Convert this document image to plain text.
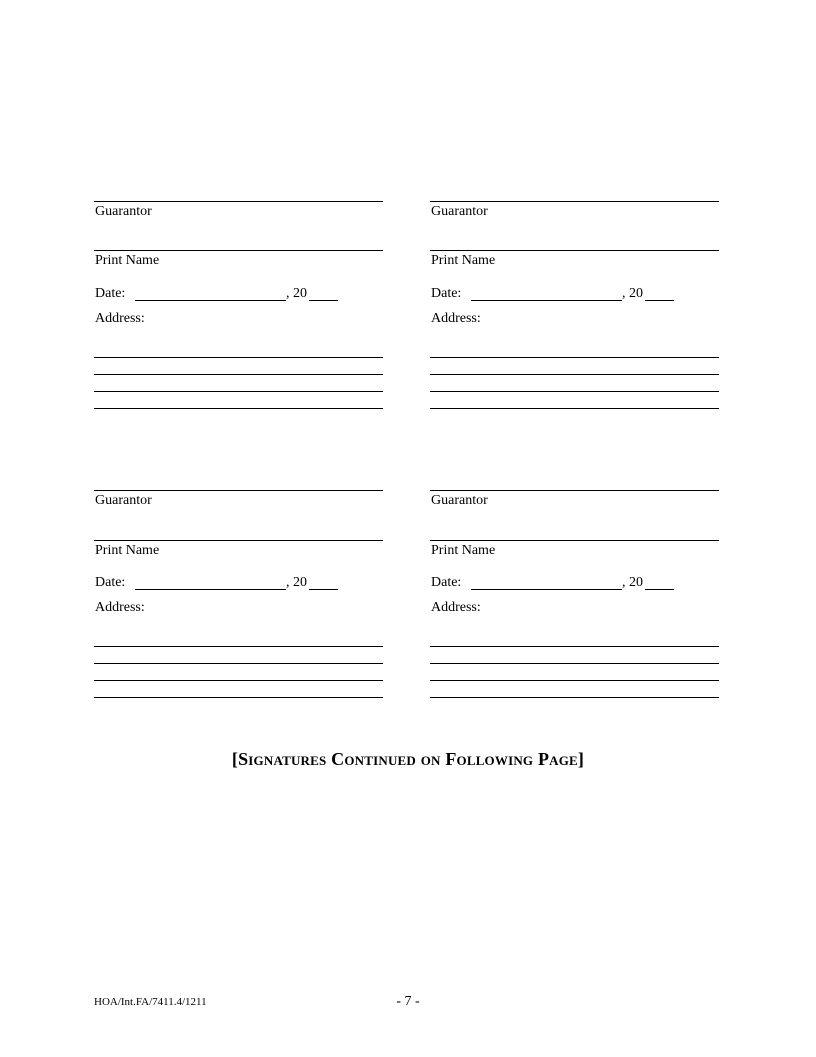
Guarantor
Print Name
Date:	, 20
Address:
Guarantor
Print Name
Date:	, 20
Address:
Guarantor
Print Name
Date:	, 20
Address:
Guarantor
Print Name
Date:	, 20
Address:
[Signatures Continued on Following Page]
HOA/Int.FA/7411.4/1211	- 7 -
